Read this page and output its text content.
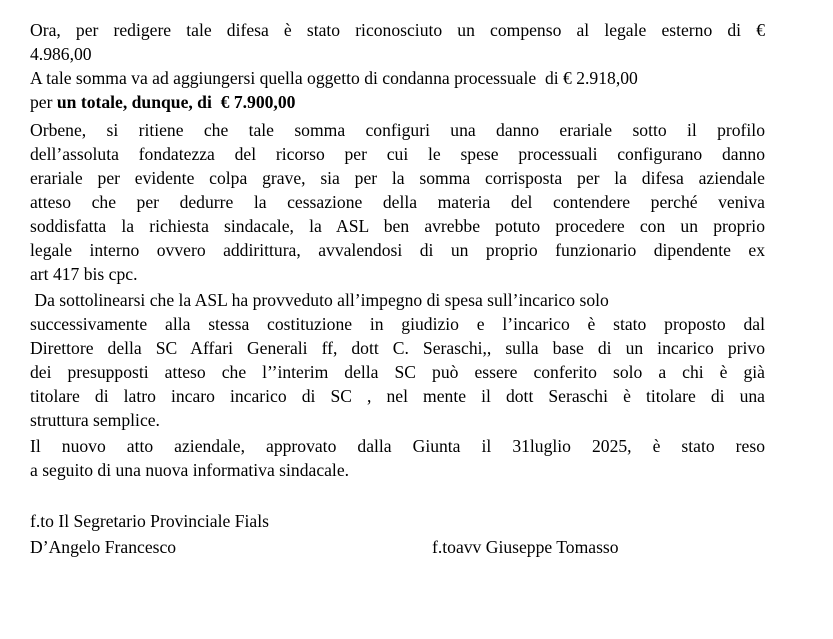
Ora, per redigere tale difesa è stato riconosciuto un compenso al legale esterno di €
4.986,00
A tale somma va ad aggiungersi quella oggetto di condanna processuale  di € 2.918,00
per un totale, dunque, di  € 7.900,00
Orbene, si ritiene che tale somma configuri una danno erariale sotto il profilo
dell’assoluta fondatezza del ricorso per cui le spese processuali configurano danno
erariale per evidente colpa grave, sia per la somma corrisposta per la difesa aziendale
atteso che per dedurre la cessazione della materia del contendere perché veniva
soddisfatta la richiesta sindacale, la ASL ben avrebbe potuto procedere con un proprio
legale interno ovvero addirittura, avvalendosi di un proprio funzionario dipendente ex
art 417 bis cpc.
Da sottolinearsi che la ASL ha provveduto all’impegno di spesa sull’incarico solo
successivamente alla stessa costituzione in giudizio e l’incarico è stato proposto dal
Direttore della SC Affari Generali ff, dott C. Seraschi,, sulla base di un incarico privo
dei presupposti atteso che l’’interim della SC può essere conferito solo a chi è già
titolare di latro incaro incarico di SC , nel mente il dott Seraschi è titolare di una
struttura semplice.
Il nuovo atto aziendale, approvato dalla Giunta il 31luglio 2025, è stato reso
a seguito di una nuova informativa sindacale.
f.to Il Segretario Provinciale Fials
D’Angelo Francesco	f.toavv Giuseppe Tomasso
